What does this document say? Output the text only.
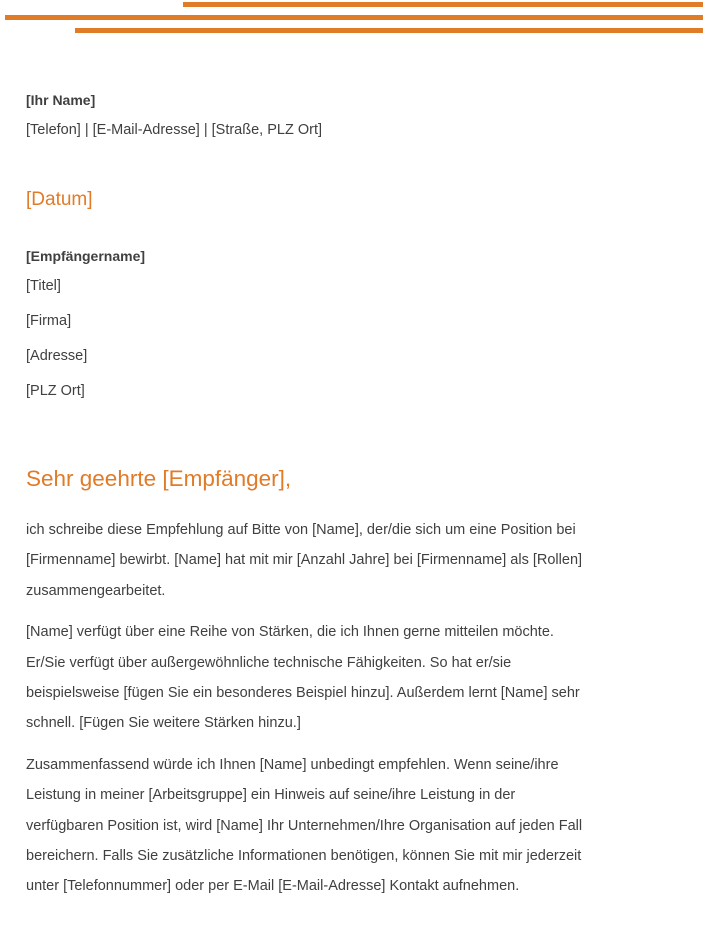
[Ihr Name]
[Telefon] | [E-Mail-Adresse] | [Straße, PLZ Ort]
[Datum]
[Empfängername]
[Titel]
[Firma]
[Adresse]
[PLZ Ort]
Sehr geehrte [Empfänger],

ich schreibe diese Empfehlung auf Bitte von [Name], der/die sich um eine Position bei [Firmenname] bewirbt. [Name] hat mit mir [Anzahl Jahre] bei [Firmenname] als [Rollen] zusammengearbeitet.

[Name] verfügt über eine Reihe von Stärken, die ich Ihnen gerne mitteilen möchte. Er/Sie verfügt über außergewöhnliche technische Fähigkeiten. So hat er/sie beispielsweise [fügen Sie ein besonderes Beispiel hinzu]. Außerdem lernt [Name] sehr schnell. [Fügen Sie weitere Stärken hinzu.]

Zusammenfassend würde ich Ihnen [Name] unbedingt empfehlen. Wenn seine/ihre Leistung in meiner [Arbeitsgruppe] ein Hinweis auf seine/ihre Leistung in der verfügbaren Position ist, wird [Name] Ihr Unternehmen/Ihre Organisation auf jeden Fall bereichern. Falls Sie zusätzliche Informationen benötigen, können Sie mit mir jederzeit unter [Telefonnummer] oder per E-Mail [E-Mail-Adresse] Kontakt aufnehmen.
